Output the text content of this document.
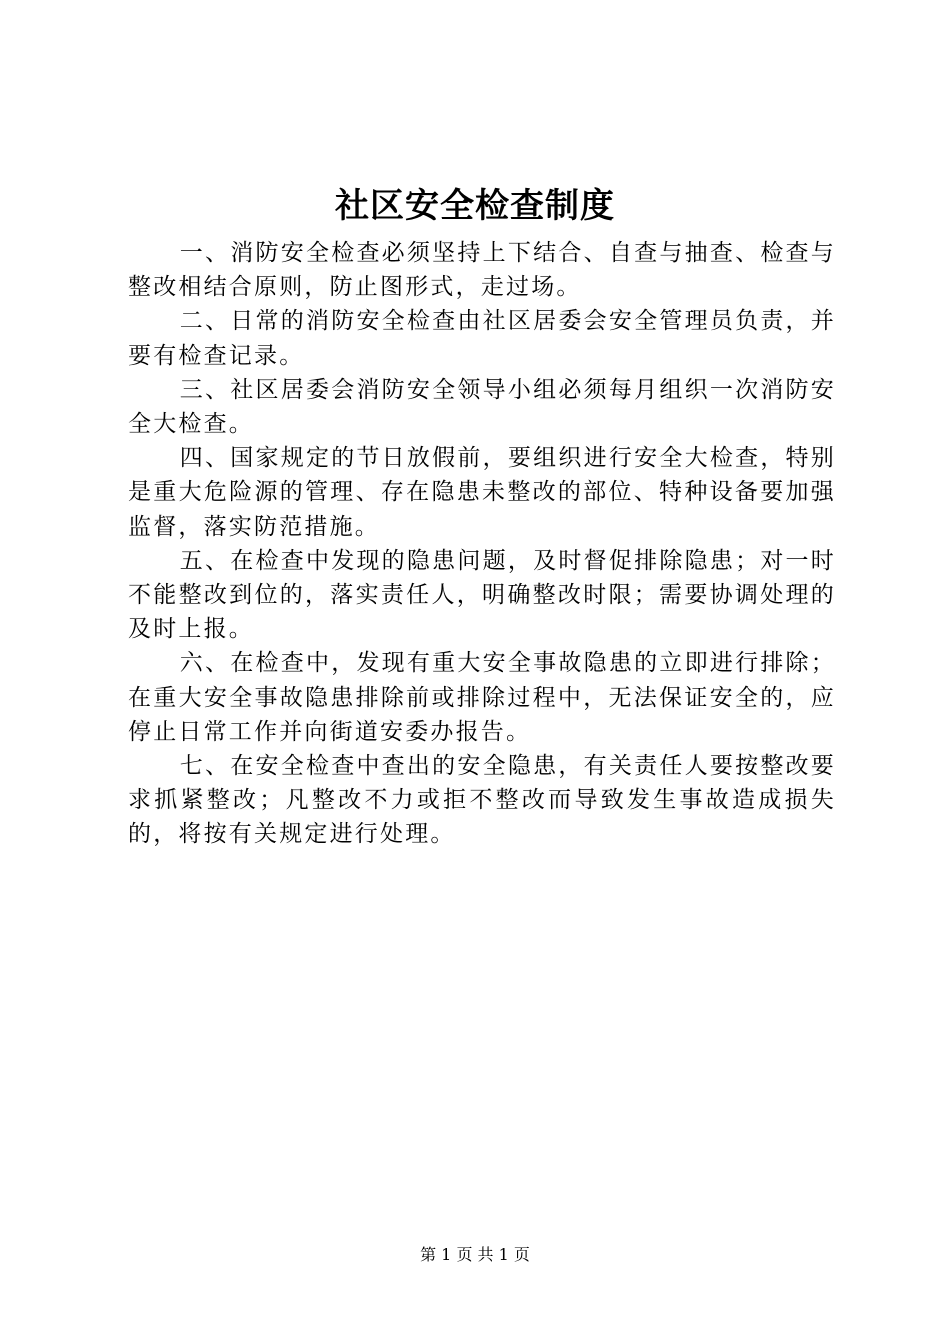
社区安全检查制度

一、消防安全检查必须坚持上下结合、自查与抽查、检查与整改相结合原则，防止图形式，走过场。

二、日常的消防安全检查由社区居委会安全管理员负责，并要有检查记录。

三、社区居委会消防安全领导小组必须每月组织一次消防安全大检查。

四、国家规定的节日放假前，要组织进行安全大检查，特别是重大危险源的管理、存在隐患未整改的部位、特种设备要加强监督，落实防范措施。

五、在检查中发现的隐患问题，及时督促排除隐患；对一时不能整改到位的，落实责任人，明确整改时限；需要协调处理的及时上报。

六、在检查中，发现有重大安全事故隐患的立即进行排除；在重大安全事故隐患排除前或排除过程中，无法保证安全的，应停止日常工作并向街道安委办报告。

七、在安全检查中查出的安全隐患，有关责任人要按整改要求抓紧整改；凡整改不力或拒不整改而导致发生事故造成损失的，将按有关规定进行处理。

第 1 页 共 1 页
